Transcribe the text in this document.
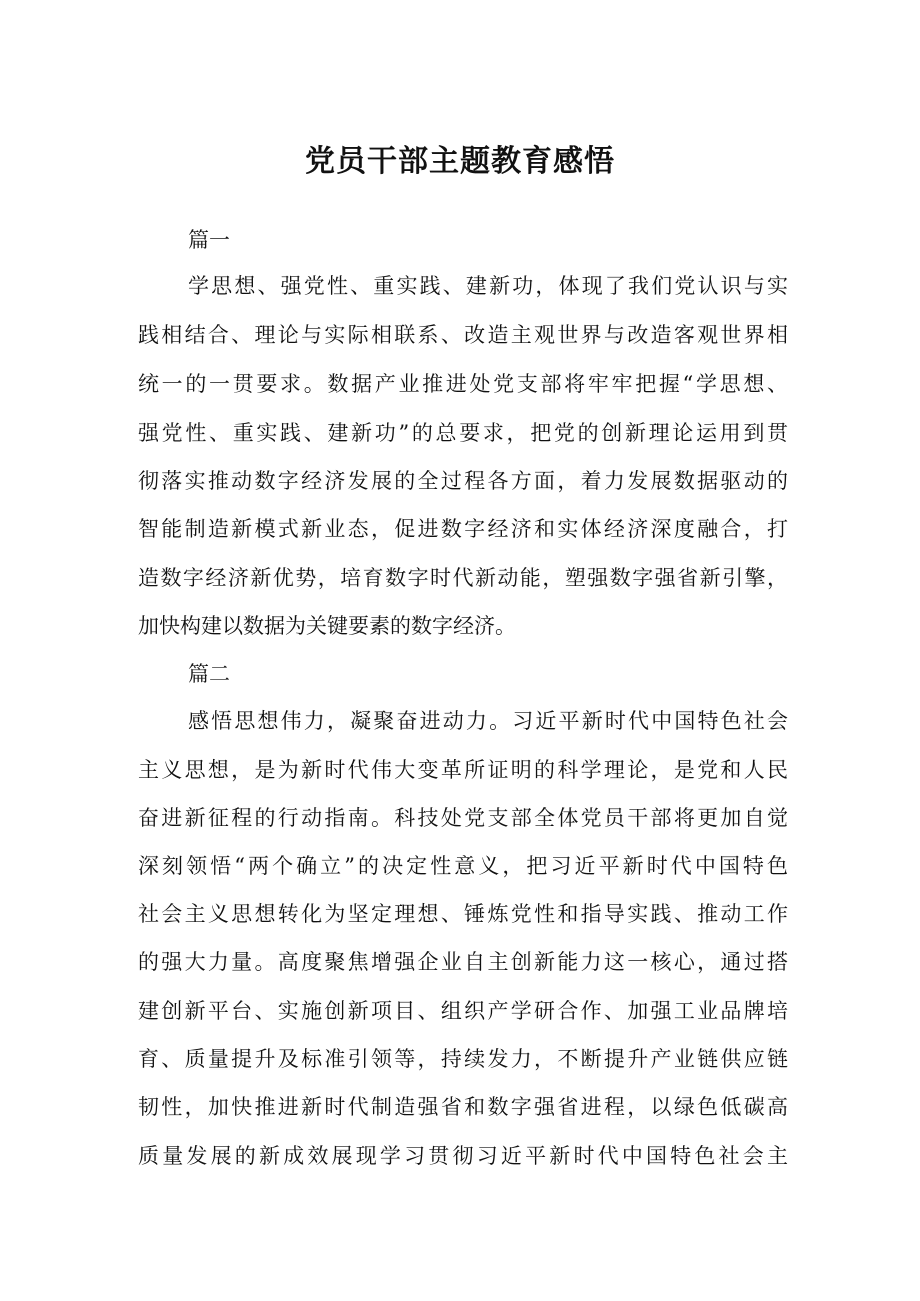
党员干部主题教育感悟

篇一

学思想、强党性、重实践、建新功，体现了我们党认识与实

践相结合、理论与实际相联系、改造主观世界与改造客观世界相

统一的一贯要求。数据产业推进处党支部将牢牢把握“学思想、

强党性、重实践、建新功”的总要求，把党的创新理论运用到贯

彻落实推动数字经济发展的全过程各方面，着力发展数据驱动的

智能制造新模式新业态，促进数字经济和实体经济深度融合，打

造数字经济新优势，培育数字时代新动能，塑强数字强省新引擎，

加快构建以数据为关键要素的数字经济。

篇二

感悟思想伟力，凝聚奋进动力。习近平新时代中国特色社会

主义思想，是为新时代伟大变革所证明的科学理论，是党和人民

奋进新征程的行动指南。科技处党支部全体党员干部将更加自觉

深刻领悟“两个确立”的决定性意义，把习近平新时代中国特色

社会主义思想转化为坚定理想、锤炼党性和指导实践、推动工作

的强大力量。高度聚焦增强企业自主创新能力这一核心，通过搭

建创新平台、实施创新项目、组织产学研合作、加强工业品牌培

育、质量提升及标准引领等，持续发力，不断提升产业链供应链

韧性，加快推进新时代制造强省和数字强省进程，以绿色低碳高

质量发展的新成效展现学习贯彻习近平新时代中国特色社会主
